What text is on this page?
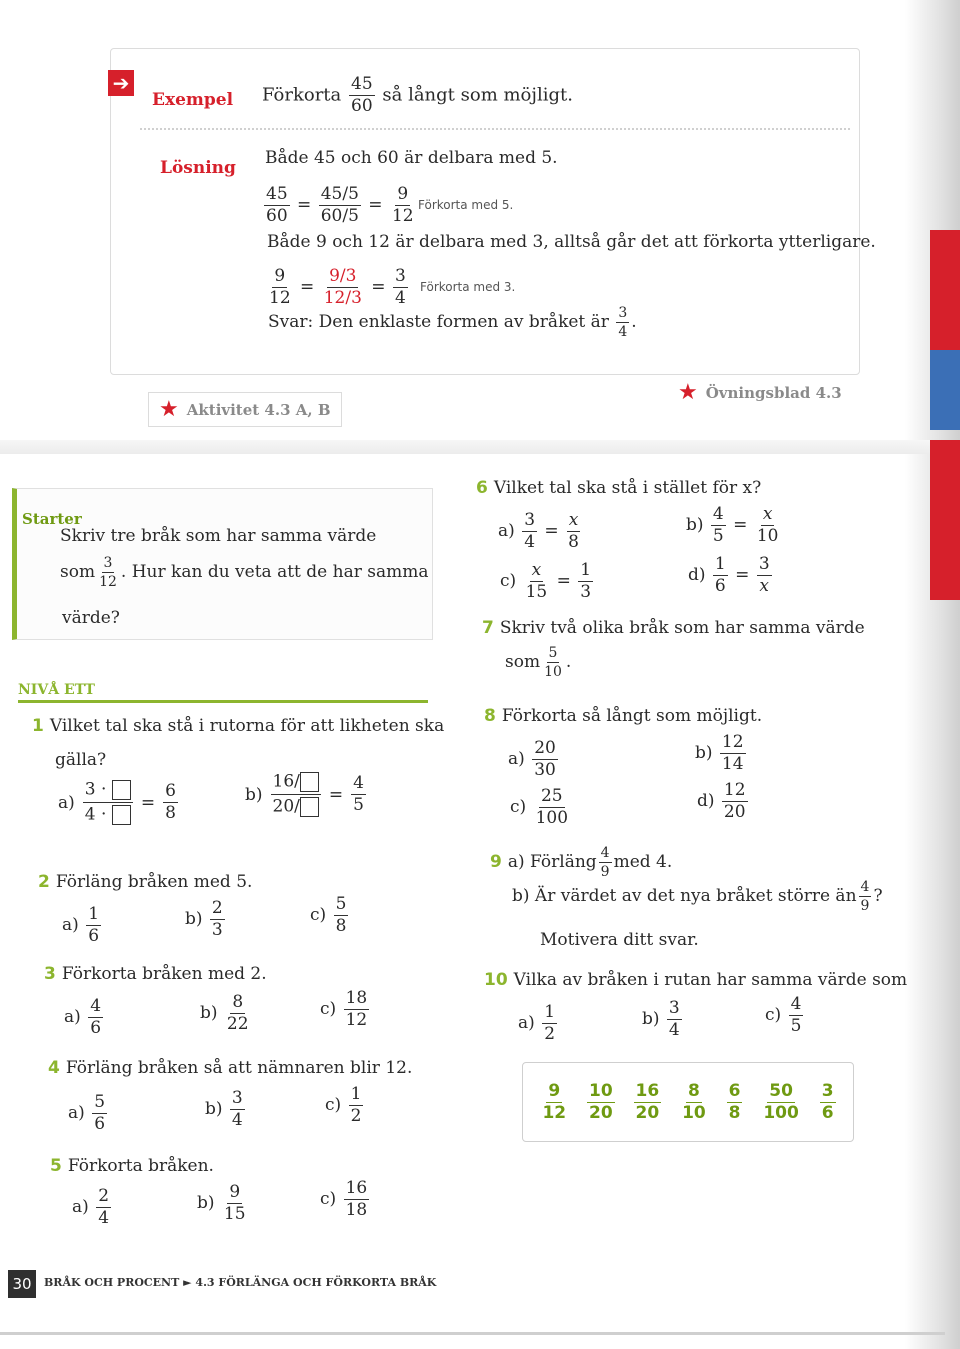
➔
Exempel Förkorta $\frac{45}{60}$ så långt som möjligt.
Lösning Både 45 och 60 är delbara med 5.
$\frac{45}{60} = \frac{45/5}{60/5} = \frac{9}{12}$ Förkorta med 5.
Både 9 och 12 är delbara med 3, alltså går det att förkorta ytterligare.
$\frac{9}{12} = \frac{9/3}{12/3} = \frac{3}{4}$ Förkorta med 3.
Svar: Den enklaste formen av bråket är $\frac{3}{4}$ .
★ Aktivitet 4.3 A, B
★ Övningsblad 4.3
Starter
Skriv tre bråk som har samma värde
som $\frac{3}{12}$ . Hur kan du veta att de har samma
värde?
NIVÅ ETT
1 Vilket tal ska stå i rutorna för att likheten ska
gälla?
$a) \frac{3 \cdot}{4 \cdot} = \frac{6}{8}$	$b) \frac{16/}{20/} = \frac{4}{5}$
2 Förläng bråken med 5.
$a) \frac{1}{6}$	$b) \frac{2}{3}$	$c) \frac{5}{8}$
3 Förkorta bråken med 2.
$a) \frac{4}{6}$	$b) \frac{8}{22}$	$c) \frac{18}{12}$
4 Förläng bråken så att nämnaren blir 12.
$a) \frac{5}{6}$	$b) \frac{3}{4}$	$c) \frac{1}{2}$
5 Förkorta bråken.
$a) \frac{2}{4}$	$b) \frac{9}{15}$	$c) \frac{16}{18}$
6 Vilket tal ska stå i stället för x?
$a) \frac{3}{4} = \frac{x}{8}$	$b) \frac{4}{5} = \frac{x}{10}$
$c) \frac{x}{15} = \frac{1}{3}$	$d) \frac{1}{6} = \frac{3}{x}$
7 Skriv två olika bråk som har samma värde
som $\frac{5}{10}$ .
8 Förkorta så långt som möjligt.
$a) \frac{20}{30}$	$b) \frac{12}{14}$
$c) \frac{25}{100}$	$d) \frac{12}{20}$
9 a) Förläng $\frac{4}{9}$ med 4.
b) Är värdet av det nya bråket större än $\frac{4}{9}$ ?
Motivera ditt svar.
10 Vilka av bråken i rutan har samma värde som
$a) \frac{1}{2}$	$b) \frac{3}{4}$	$c) \frac{4}{5}$
$\frac{9}{12} \frac{10}{20} \frac{16}{20} \frac{8}{10} \frac{6}{8} \frac{50}{100} \frac{3}{6}$
30	BRÅK OCH PROCENT ► 4.3 FÖRLÄNGA OCH FÖRKORTA BRÅK
